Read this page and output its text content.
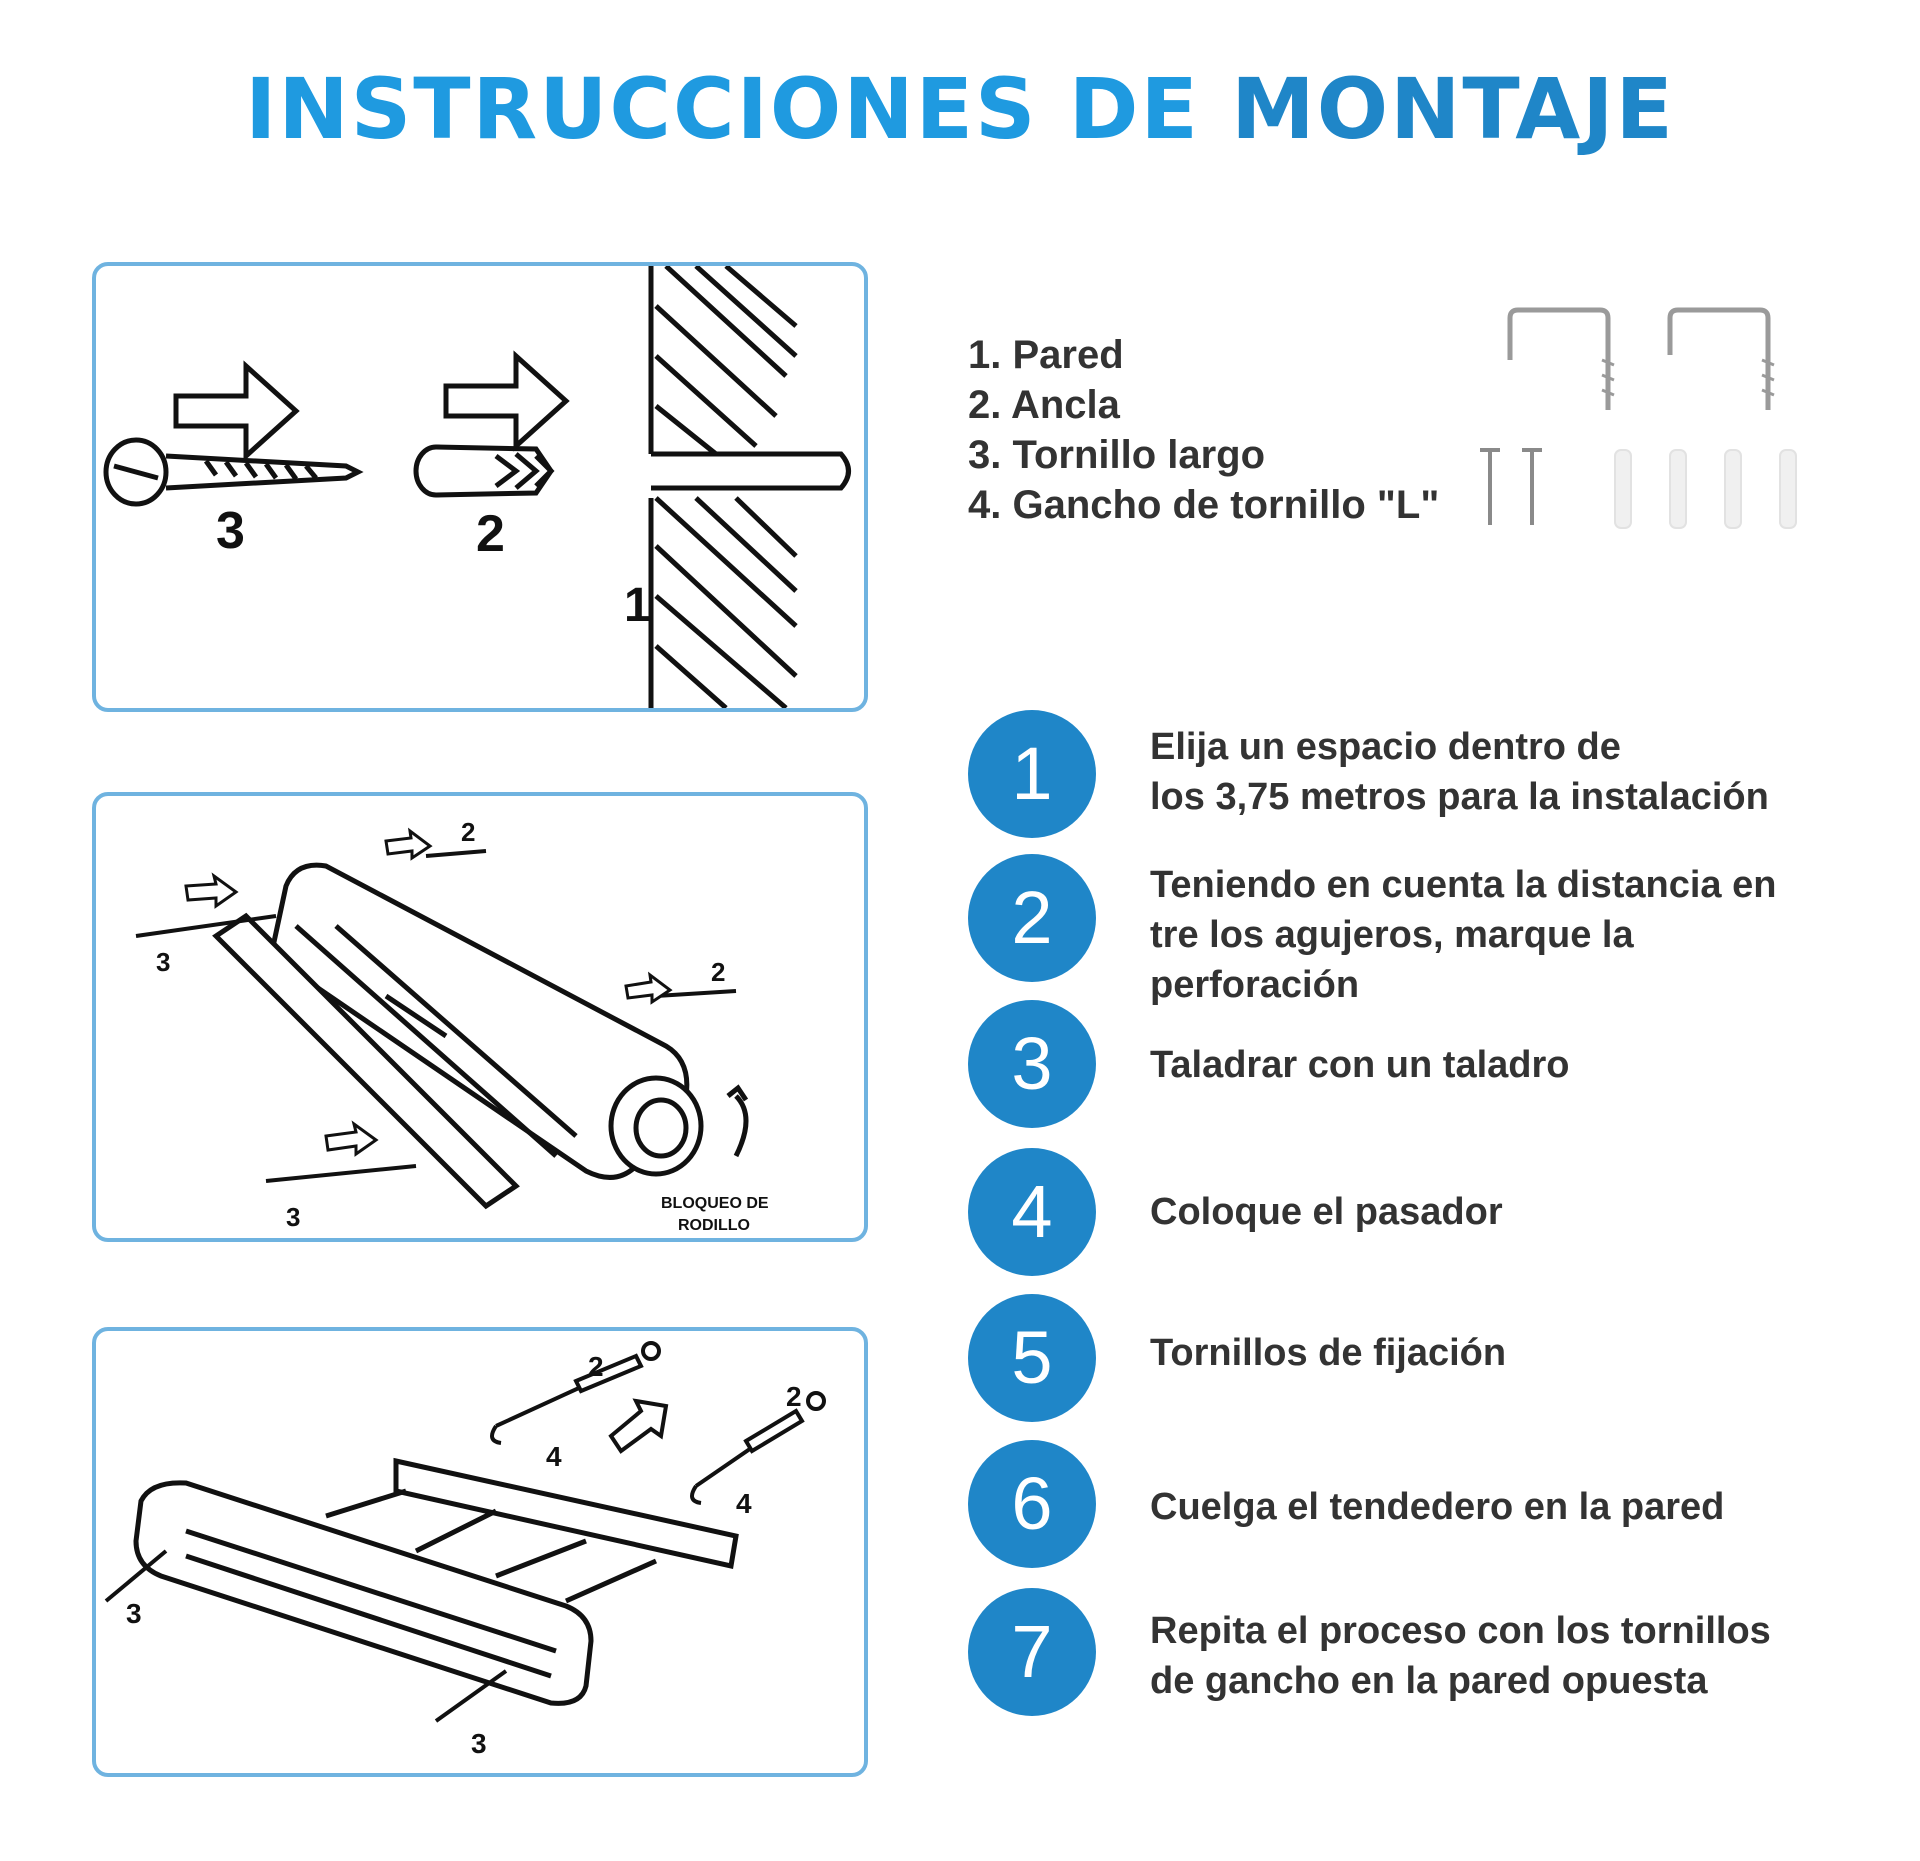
INSTRUCCIONES DE MONTAJE
3	2
1
2
2
3
3	BLOQUEO DE
RODILLO
2
2
4
4
3
3
1. Pared
2. Ancla
3. Tornillo largo
4. Gancho de tornillo "L"
1	Elija un espacio dentro de
los 3,75 metros para la instalación
2	Teniendo en cuenta la distancia en
tre los agujeros, marque la
perforación
3	Taladrar con un taladro
4	Coloque el pasador
5	Tornillos de fijación
6	Cuelga el tendedero en la pared
7	Repita el proceso con los tornillos
de gancho en la pared opuesta
